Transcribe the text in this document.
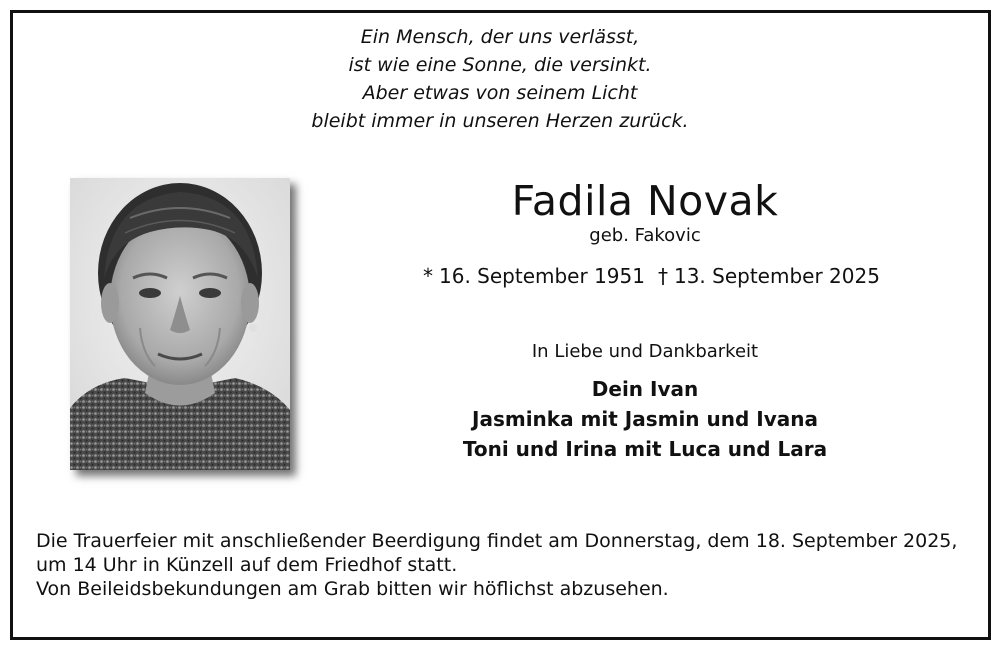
Ein Mensch, der uns verlässt,
ist wie eine Sonne, die versinkt.
Aber etwas von seinem Licht
bleibt immer in unseren Herzen zurück.
Fadila Novak
geb. Fakovic
* 16. September 1951 † 13. September 2025
In Liebe und Dankbarkeit
Dein Ivan
Jasminka mit Jasmin und Ivana
Toni und Irina mit Luca und Lara
Die Trauerfeier mit anschließender Beerdigung findet am Donnerstag, dem 18. September 2025,
um 14 Uhr in Künzell auf dem Friedhof statt.
Von Beileidsbekundungen am Grab bitten wir höflichst abzusehen.
